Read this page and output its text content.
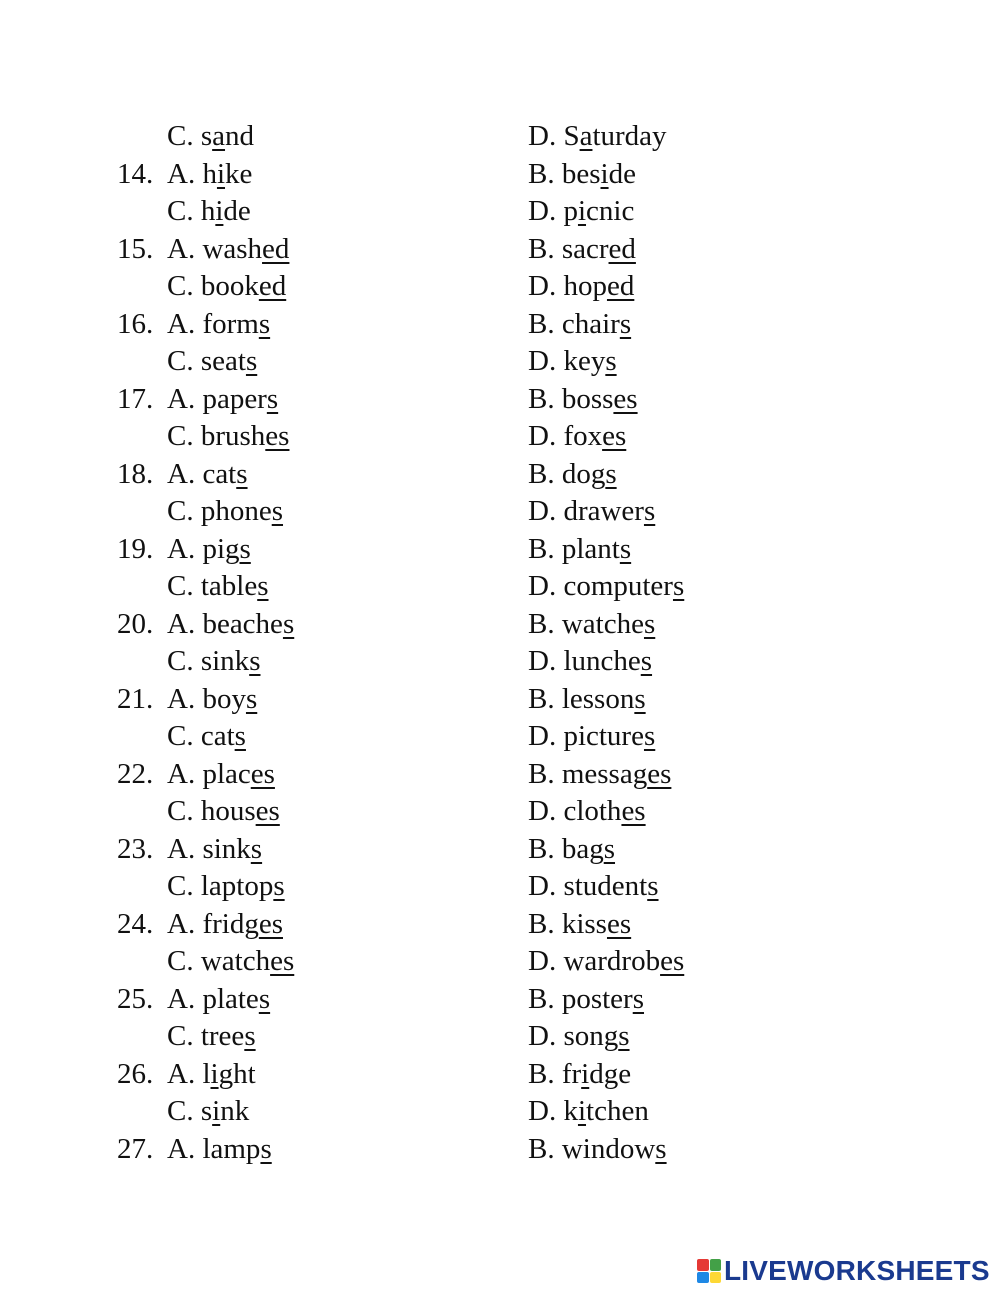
C. sand	D. Saturday
14. A. hike	B. beside
C. hide	D. picnic
15. A. washed	B. sacred
C. booked	D. hoped
16. A. forms	B. chairs
C. seats	D. keys
17. A. papers	B. bosses
C. brushes	D. foxes
18. A. cats	B. dogs
C. phones	D. drawers
19. A. pigs	B. plants
C. tables	D. computers
20. A. beaches	B. watches
C. sinks	D. lunches
21. A. boys	B. lessons
C. cats	D. pictures
22. A. places	B. messages
C. houses	D. clothes
23. A. sinks	B. bags
C. laptops	D. students
24. A. fridges	B. kisses
C. watches	D. wardrobes
25. A. plates	B. posters
C. trees	D. songs
26. A. light	B. fridge
C. sink	D. kitchen
27. A. lamps	B. windows
LIVEWORKSHEETS
